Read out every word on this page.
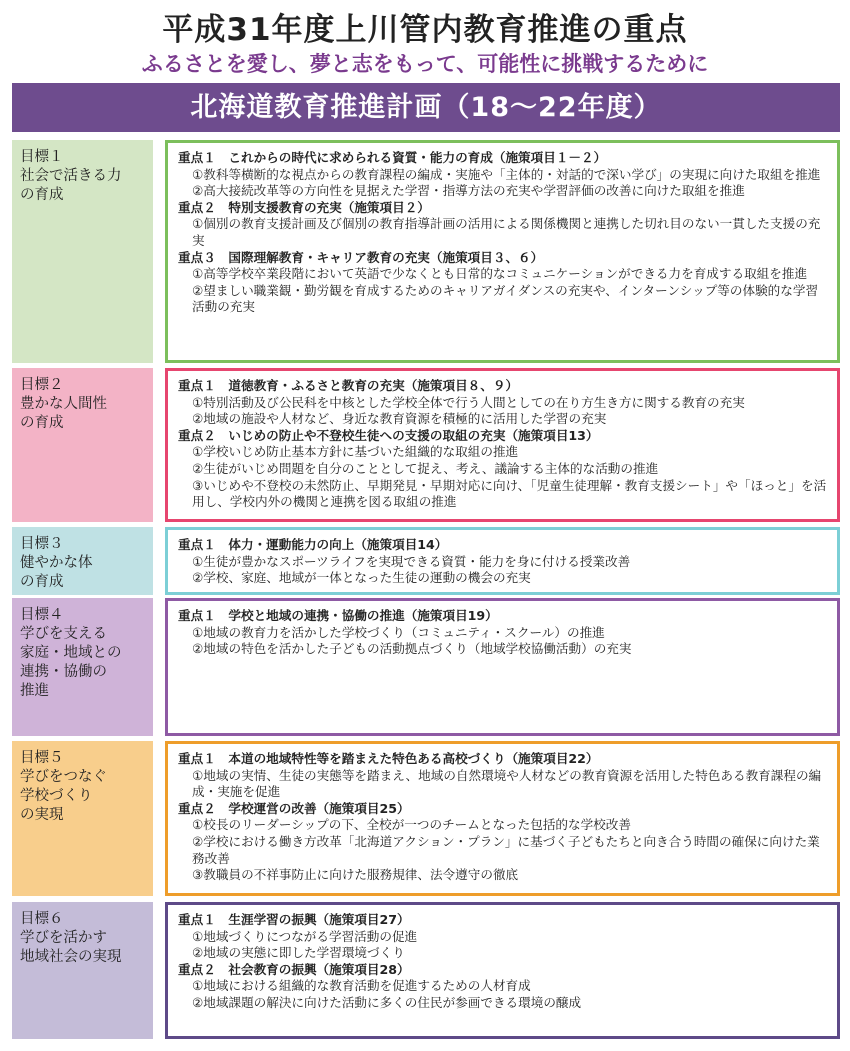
平成31年度上川管内教育推進の重点
ふるさとを愛し、夢と志をもって、可能性に挑戦するために
北海道教育推進計画（18〜22年度）
目標１
社会で活きる力
の育成
重点１　これからの時代に求められる資質・能力の育成（施策項目１－２）
①教科等横断的な視点からの教育課程の編成・実施や「主体的・対話的で深い学び」の実現に向けた取組を推進
②高大接続改革等の方向性を見据えた学習・指導方法の充実や学習評価の改善に向けた取組を推進
重点２　特別支援教育の充実（施策項目２）
①個別の教育支援計画及び個別の教育指導計画の活用による関係機関と連携した切れ目のない一貫した支援の充実
重点３　国際理解教育・キャリア教育の充実（施策項目３、６）
①高等学校卒業段階において英語で少なくとも日常的なコミュニケーションができる力を育成する取組を推進
②望ましい職業観・勤労観を育成するためのキャリアガイダンスの充実や、インターンシップ等の体験的な学習活動の充実
目標２
豊かな人間性
の育成
重点１　道徳教育・ふるさと教育の充実（施策項目８、９）
①特別活動及び公民科を中核とした学校全体で行う人間としての在り方生き方に関する教育の充実
②地域の施設や人材など、身近な教育資源を積極的に活用した学習の充実
重点２　いじめの防止や不登校生徒への支援の取組の充実（施策項目13）
①学校いじめ防止基本方針に基づいた組織的な取組の推進
②生徒がいじめ問題を自分のこととして捉え、考え、議論する主体的な活動の推進
③いじめや不登校の未然防止、早期発見・早期対応に向け、「児童生徒理解・教育支援シート」や「ほっと」を活用し、学校内外の機関と連携を図る取組の推進
目標３
健やかな体
の育成
重点１　体力・運動能力の向上（施策項目14）
①生徒が豊かなスポーツライフを実現できる資質・能力を身に付ける授業改善
②学校、家庭、地域が一体となった生徒の運動の機会の充実
目標４
学びを支える
家庭・地域との
連携・協働の
推進
重点１　学校と地域の連携・協働の推進（施策項目19）
①地域の教育力を活かした学校づくり（コミュニティ・スクール）の推進
②地域の特色を活かした子どもの活動拠点づくり（地域学校協働活動）の充実
目標５
学びをつなぐ
学校づくり
の実現
重点１　本道の地域特性等を踏まえた特色ある高校づくり（施策項目22）
①地域の実情、生徒の実態等を踏まえ、地域の自然環境や人材などの教育資源を活用した特色ある教育課程の編成・実施を促進
重点２　学校運営の改善（施策項目25）
①校長のリーダーシップの下、全校が一つのチームとなった包括的な学校改善
②学校における働き方改革「北海道アクション・プラン」に基づく子どもたちと向き合う時間の確保に向けた業務改善
③教職員の不祥事防止に向けた服務規律、法令遵守の徹底
目標６
学びを活かす
地域社会の実現
重点１　生涯学習の振興（施策項目27）
①地域づくりにつながる学習活動の促進
②地域の実態に即した学習環境づくり
重点２　社会教育の振興（施策項目28）
①地域における組織的な教育活動を促進するための人材育成
②地域課題の解決に向けた活動に多くの住民が参画できる環境の醸成
